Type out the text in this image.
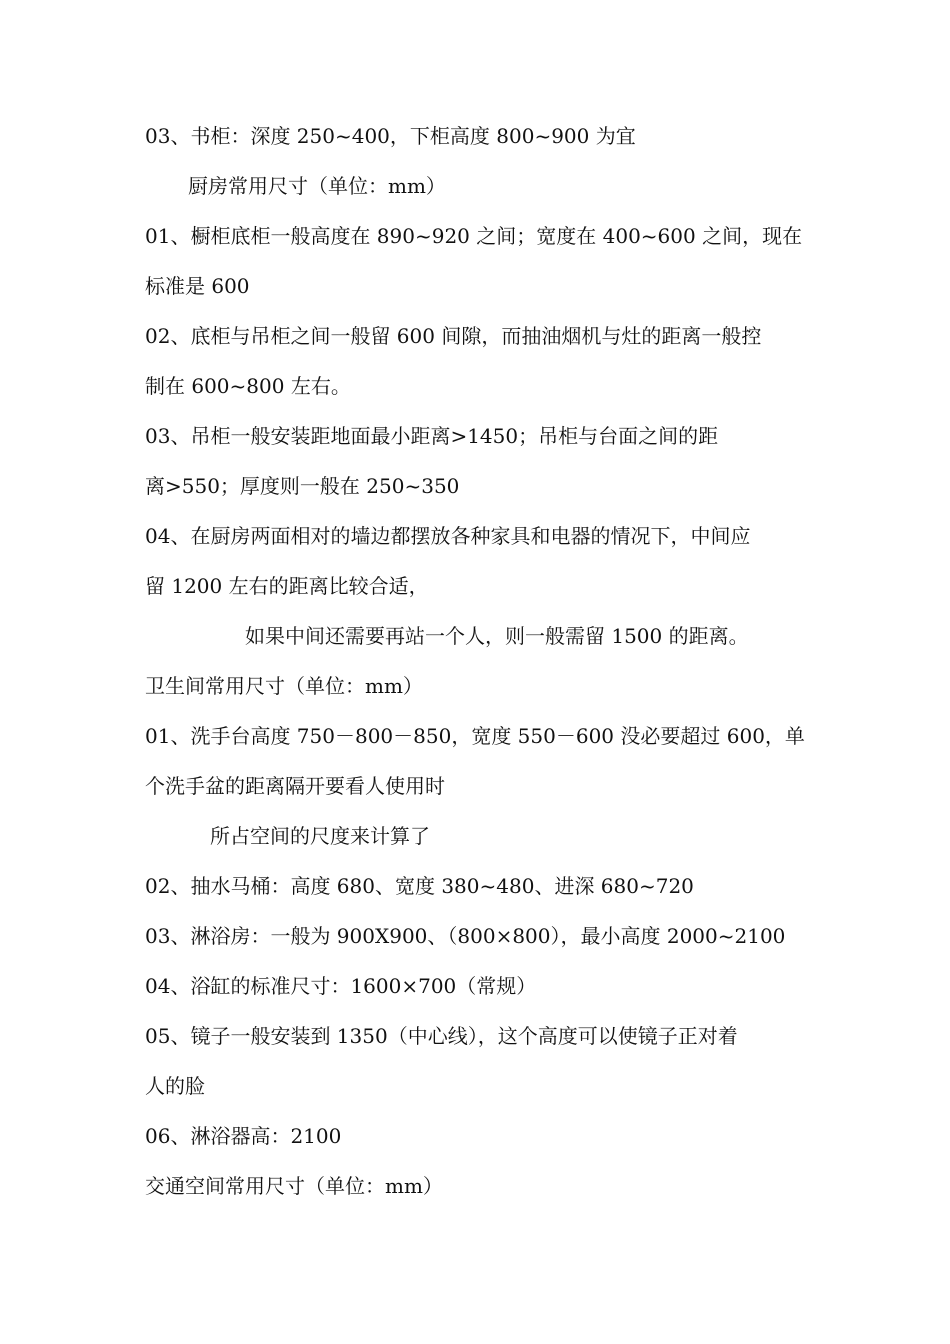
03、书柜：深度 250~400，下柜高度 800~900 为宜
厨房常用尺寸（单位：mm）
01、橱柜底柜一般高度在 890~920 之间；宽度在 400~600 之间，现在
标准是 600
02、底柜与吊柜之间一般留 600 间隙，而抽油烟机与灶的距离一般控
制在 600~800 左右。
03、吊柜一般安装距地面最小距离>1450；吊柜与台面之间的距
离>550；厚度则一般在 250~350
04、在厨房两面相对的墙边都摆放各种家具和电器的情况下，中间应
留 1200 左右的距离比较合适，
如果中间还需要再站一个人，则一般需留 1500 的距离。
卫生间常用尺寸（单位：mm）
01、洗手台高度 750－800－850，宽度 550－600 没必要超过 600，单
个洗手盆的距离隔开要看人使用时
所占空间的尺度来计算了
02、抽水马桶：高度 680、宽度 380~480、进深 680~720
03、淋浴房：一般为 900X900、（800×800），最小高度 2000~2100
04、浴缸的标准尺寸：1600×700（常规）
05、镜子一般安装到 1350（中心线），这个高度可以使镜子正对着
人的脸
06、淋浴器高：2100
交通空间常用尺寸（单位：mm）
